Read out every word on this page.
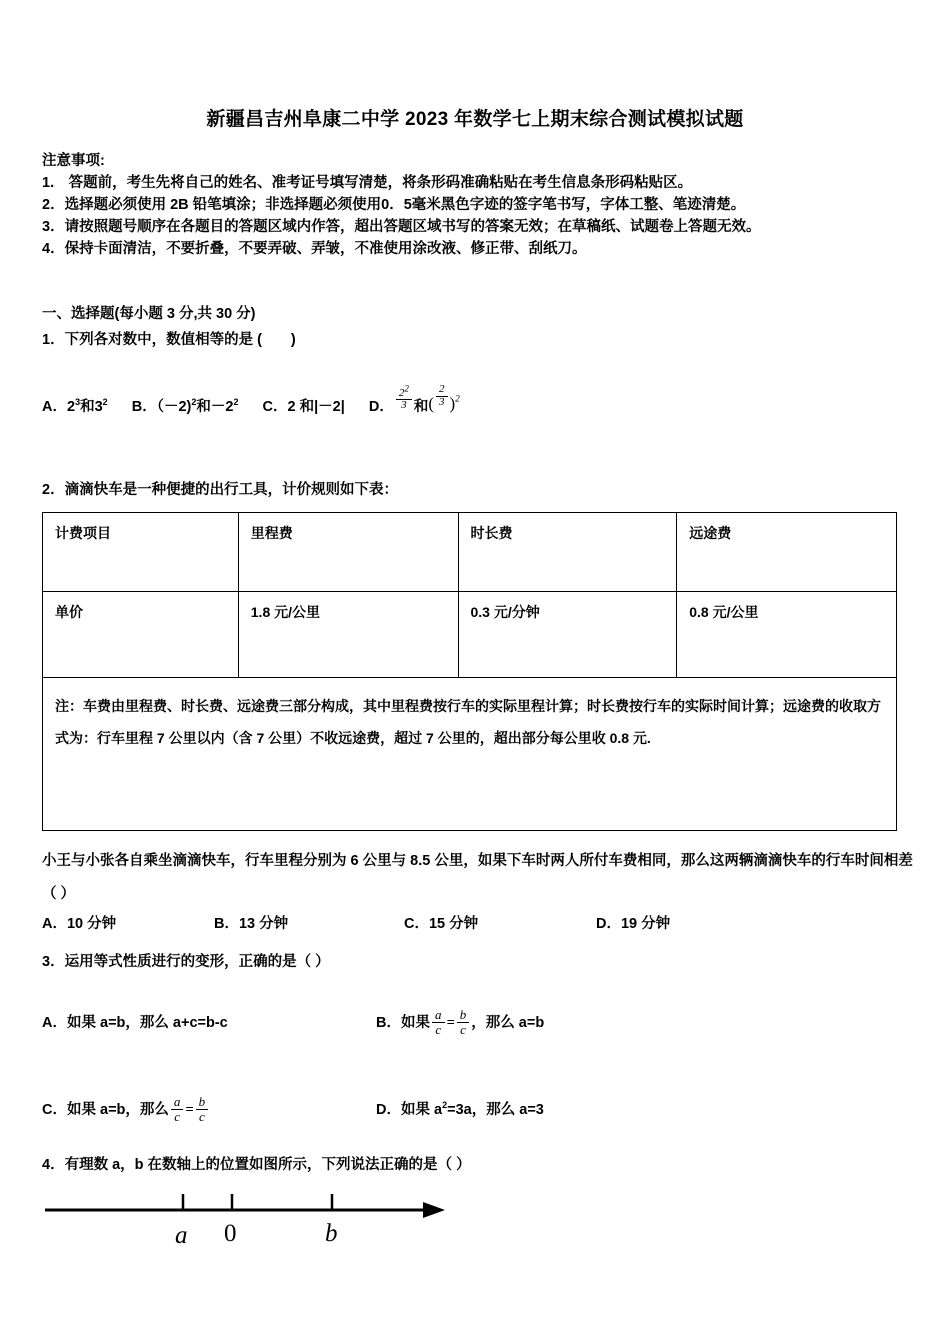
新疆昌吉州阜康二中学 2023 年数学七上期末综合测试模拟试题
注意事项:
1.　答题前，考生先将自己的姓名、准考证号填写清楚，将条形码准确粘贴在考生信息条形码粘贴区。
2．选择题必须使用 2B 铅笔填涂；非选择题必须使用0．5毫米黑色字迹的签字笔书写，字体工整、笔迹清楚。
3．请按照题号顺序在各题目的答题区域内作答，超出答题区域书写的答案无效；在草稿纸、试题卷上答题无效。
4．保持卡面清洁，不要折叠，不要弄破、弄皱，不准使用涂改液、修正带、刮纸刀。
一、选择题(每小题 3 分,共 30 分)
1．下列各对数中，数值相等的是 (　　)
A．$2^3$和$3^2$ B．（－2)$^2$和$-2^2$ C．2 和|－2| D． $\frac{2^2}{3}$ 和( $\frac{2}{3} )^2$
2．滴滴快车是一种便捷的出行工具，计价规则如下表：
计费项目	里程费	时长费	远途费
单价	1.8 元/公里	0.3 元/分钟	0.8 元/公里
注：车费由里程费、时长费、远途费三部分构成，其中里程费按行车的实际里程计算；时长费按行车的实际时间计算；远途费的收取方式为：行车里程 7 公里以内（含 7 公里）不收远途费，超过 7 公里的，超出部分每公里收 0.8 元.			
小王与小张各自乘坐滴滴快车，行车里程分别为 6 公里与 8.5 公里，如果下车时两人所付车费相同，那么这两辆滴滴快车的行车时间相差（ ）
A．10 分钟	B．13 分钟	C．15 分钟	D．19 分钟
3．运用等式性质进行的变形，正确的是（ ）
A．如果 a=b，那么 a+c=b-c	B．如果 $\frac{a}{c} = \frac{b}{c}$ ，那么 a=b
C．如果 a=b，那么 $\frac{a}{c} = \frac{b}{c}$	D．如果 $a^2=3a$，那么 a=3
4．有理数 a，b 在数轴上的位置如图所示，下列说法正确的是（ ）
a 0	b
